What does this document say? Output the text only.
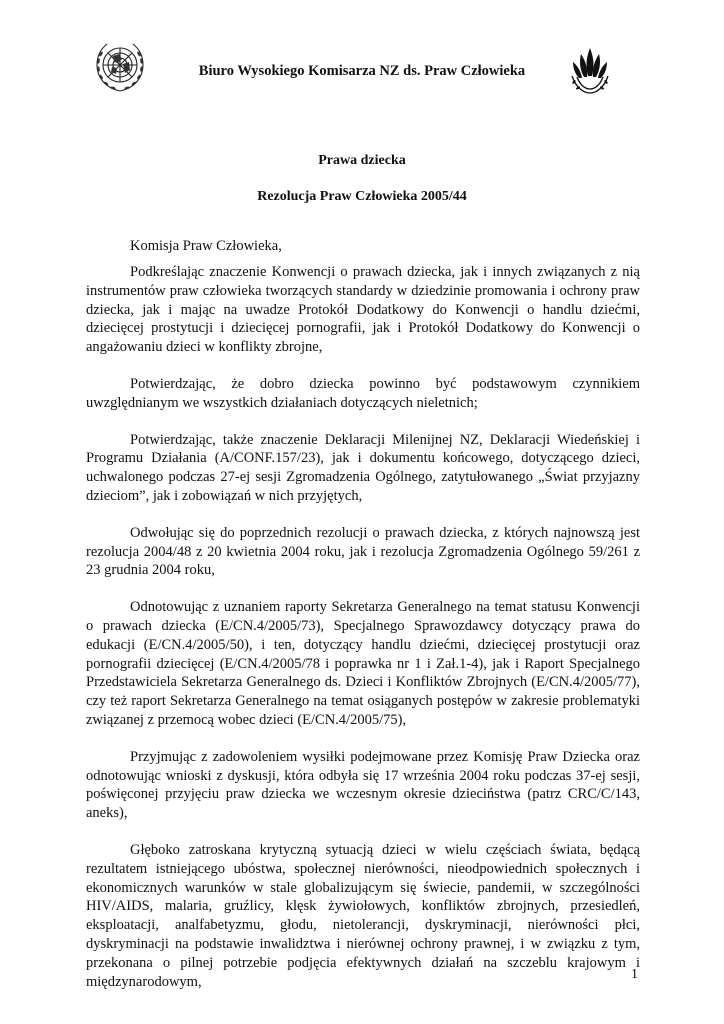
Biuro Wysokiego Komisarza NZ ds. Praw Człowieka
Prawa dziecka
Rezolucja Praw Człowieka 2005/44
Komisja Praw Człowieka,

Podkreślając znaczenie Konwencji o prawach dziecka, jak i innych związanych z nią instrumentów praw człowieka tworzących standardy w dziedzinie promowania i ochrony praw dziecka, jak i mając na uwadze Protokół Dodatkowy do Konwencji o handlu dziećmi, dziecięcej prostytucji i dziecięcej pornografii, jak i Protokół Dodatkowy do Konwencji o angażowaniu dzieci w konflikty zbrojne,

Potwierdzając, że dobro dziecka powinno być podstawowym czynnikiem uwzględnianym we wszystkich działaniach dotyczących nieletnich;

Potwierdzając, także znaczenie Deklaracji Milenijnej NZ, Deklaracji Wiedeńskiej i Programu Działania (A/CONF.157/23), jak i dokumentu końcowego, dotyczącego dzieci, uchwalonego podczas 27-ej sesji Zgromadzenia Ogólnego, zatytułowanego „Świat przyjazny dzieciom”, jak i zobowiązań w nich przyjętych,

Odwołując się do poprzednich rezolucji o prawach dziecka, z których najnowszą jest rezolucja 2004/48 z 20 kwietnia 2004 roku, jak i rezolucja Zgromadzenia Ogólnego 59/261 z 23 grudnia 2004 roku,

Odnotowując z uznaniem raporty Sekretarza Generalnego na temat statusu Konwencji o prawach dziecka (E/CN.4/2005/73), Specjalnego Sprawozdawcy dotyczący prawa do edukacji (E/CN.4/2005/50), i ten, dotyczący handlu dziećmi, dziecięcej prostytucji oraz pornografii dziecięcej (E/CN.4/2005/78 i poprawka nr 1 i Zał.1-4), jak i Raport Specjalnego Przedstawiciela Sekretarza Generalnego ds. Dzieci i Konfliktów Zbrojnych (E/CN.4/2005/77), czy też raport Sekretarza Generalnego na temat osiąganych postępów w zakresie problematyki związanej z przemocą wobec dzieci (E/CN.4/2005/75),

Przyjmując z zadowoleniem wysiłki podejmowane przez Komisję Praw Dziecka oraz odnotowując wnioski z dyskusji, która odbyła się 17 września 2004 roku podczas 37-ej sesji, poświęconej przyjęciu praw dziecka we wczesnym okresie dzieciństwa (patrz CRC/C/143, aneks),

Głęboko zatroskana krytyczną sytuacją dzieci w wielu częściach świata, będącą rezultatem istniejącego ubóstwa, społecznej nierówności, nieodpowiednich społecznych i ekonomicznych warunków w stale globalizującym się świecie, pandemii, w szczególności HIV/AIDS, malaria, gruźlicy, klęsk żywiołowych, konfliktów zbrojnych, przesiedleń, eksploatacji, analfabetyzmu, głodu, nietolerancji, dyskryminacji, nierówności płci, dyskryminacji na podstawie inwalidztwa i nierównej ochrony prawnej, i w związku z tym, przekonana o pilnej potrzebie podjęcia efektywnych działań na szczeblu krajowym i międzynarodowym,	1
